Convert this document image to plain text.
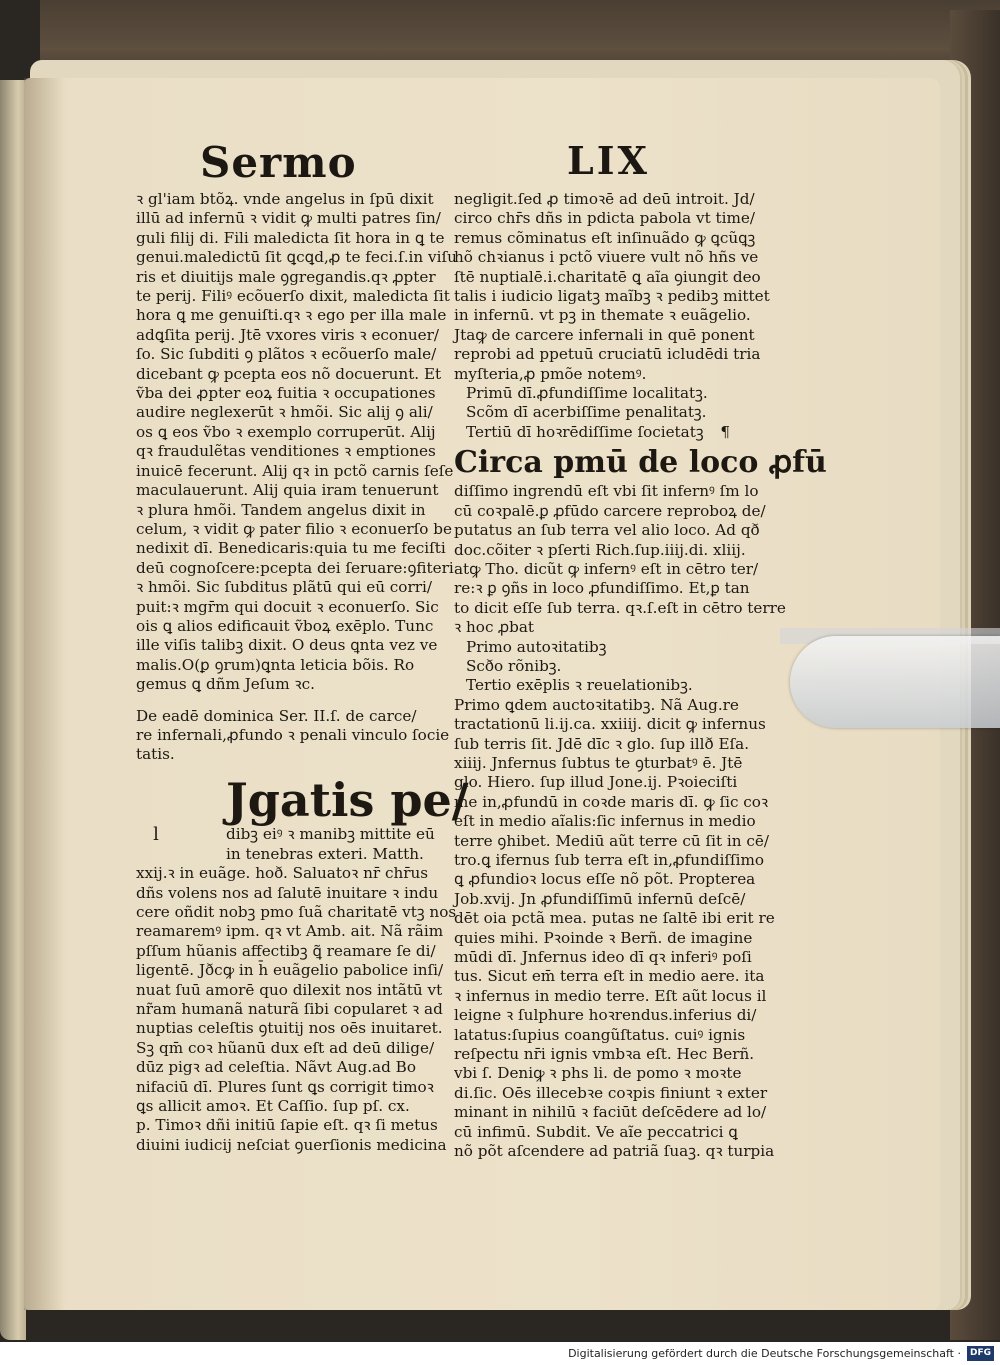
Sermo	LIX
ꝛ gl'iam btõꝝ. vnde angelus in ſpū dixit
illū ad infernū ꝛ vidit ꝙ multi patres ſin/
guli filij di. Fili maledicta ſit hora in ꝗ te
genui.maledictū ſit ꝗcꝗd,ꝓ te feci.ſ.in viſu
ris et diuitijs male ꝯgregandis.qꝛ ꝓpter
te perij. Filiꝰ ecõuerſo dixit, maledicta ſit
hora ꝗ me genuiſti.qꝛ ꝛ ego per illa male
adꝗſita perij. Jtē vxores viris ꝛ econuer/
ſo. Sic ſubditi ꝯ plãtos ꝛ ecõuerſo male/
dicebant ꝙ pcepta eos nõ docuerunt. Et
ṽba dei ꝓpter eoꝝ fuitia ꝛ occupationes
audire neglexerūt ꝛ hmõi. Sic alij ꝯ ali/
os ꝗ eos ṽbo ꝛ exemplo corruperūt. Alij
qꝛ fraudulẽtas venditiones ꝛ emptiones
inuicē fecerunt. Alij qꝛ in pctõ carnis ſeſe
maculauerunt. Alij quia iram tenuerunt
ꝛ plura hmõi. Tandem angelus dixit in
celum, ꝛ vidit ꝙ pater filio ꝛ econuerſo be
nedixit dī. Benedicaris:quia tu me feciſti
deū cognoſcere:pcepta dei ſeruare:ꝯfiteri
ꝛ hmõi. Sic ſubditus plãtū qui eū corri/
puit:ꝛ mgr̄m qui docuit ꝛ econuerſo. Sic
ois ꝗ alios edificauit ṽboꝝ exēplo. Tunc
ille viſis talibꝫ dixit. O deus ꝗnta vez ve
malis.O(ꝑ ꝯrum)ꝗnta leticia bõis. Ro
gemus ꝗ dñm Jeſum ꝛc.
De eadē dominica Ser. II.ſ. de carce/
re infernali,ꝓfundo ꝛ penali vinculo ſocie
tatis.
Jgatis pe/
l	dibꝫ eiꝰ ꝛ manibꝫ mittite eū
in tenebras exteri. Matth.
xxij.ꝛ in euãge. hoð. Saluatoꝛ nr̄ chr̄us
dñs volens nos ad ſalutē inuitare ꝛ indu
cere oñdit nobꝫ pmo ſuã charitatē vtꝫ nos
reamaremꝰ ipm. qꝛ vt Amb. ait. Nã rãim
pſſum hũanis affectibꝫ ꝗ̃ reamare ſe di/
ligentē. Jðcꝙ in h̄ euãgelio pabolice inſi/
nuat ſuū amorē quo dilexit nos intãtū vt
nr̃am humanã naturã ſibi copularet ꝛ ad
nuptias celeſtis ꝯtuitij nos oēs inuitaret.
Sꝫ qm̄ coꝛ hũanū dux eſt ad deū dilige/
dūz pigꝛ ad celeſtia. Nãvt Aug.ad Bo
nifaciū dī. Plures ſunt ꝗs corrigit timoꝛ
ꝗs allicit amoꝛ. Et Caſſio. ſup pſ. cx.
p. Timoꝛ dñi initiū ſapie eſt. qꝛ ſi metus
diuini iudicij neſciat ꝯuerſionis medicina
negligit.ſed ꝓ timoꝛē ad deū introit. Jd/
circo chr̄s dñs in pdicta pabola vt time/
remus cõminatus eſt inſinuãdo ꝙ ꝗcũꝗꝫ
hõ chꝛianus i pctõ viuere vult nõ hñs ve
ſtē nuptialē.i.charitatē ꝗ aĩa ꝯiungit deo
talis i iudicio ligatꝫ maĩbꝫ ꝛ pedibꝫ mittet
in infernū. vt pꝫ in themate ꝛ euãgelio.
Jtaꝙ de carcere infernali in quē ponent
reprobi ad ppetuū cruciatū icludēdi tria
myſteria,ꝓ pmõe notemꝰ.
Primū dī.ꝓfundiſſime localitatꝫ.
Scõm dī acerbiſſime penalitatꝫ.
Tertiū dī hoꝛrēdiſſime ſocietatꝫ ¶
Circa pmū de loco ꝓfū
diſſimo ingrendū eſt vbi ſit infernꝰ ſm lo
cū coꝛpalē.ꝑ ꝓfūdo carcere reproboꝝ de/
putatus an ſub terra vel alio loco. Ad qð
doc.cõiter ꝛ pſerti Rich.ſup.iiij.di. xliij.
atꝙ Tho. dicũt ꝙ infernꝰ eſt in cētro ter/
re:ꝛ ꝑ ꝯñs in loco ꝓfundiſſimo. Et,ꝑ tan
to dicit eſſe ſub terra. qꝛ.ſ.eſt in cētro terre
ꝛ hoc ꝓbat
Primo autoꝛitatibꝫ
Scðo rõnibꝫ.
Tertio exēplis ꝛ reuelationibꝫ.
Primo ꝗdem auctoꝛitatibꝫ. Nã Aug.re
tractationū li.ij.ca. xxiiij. dicit ꝙ infernus
ſub terris ſit. Jdē dīc ꝛ glo. ſup illð Eſa.
xiiij. Jnfernus ſubtus te ꝯturbatꝰ ē. Jtē
glo. Hiero. ſup illud Jone.ij. Pꝛoieciſti
me in,ꝓfundū in coꝛde maris dī. ꝙ ſic coꝛ
eſt in medio aĩalis:ſic infernus in medio
terre ꝯhibet. Mediū aũt terre cū ſit in cē/
tro.ꝗ ifernus ſub terra eſt in,ꝓfundiſſimo
ꝗ ꝓfundioꝛ locus eſſe nõ põt. Propterea
Job.xvij. Jn ꝓfundiſſimū infernū deſcē/
dēt oia pctã mea. putas ne ſaltē ibi erit re
quies mihi. Pꝛoinde ꝛ Berñ. de imagine
mūdi dī. Jnfernus ideo dī qꝛ inferiꝰ poſi
tus. Sicut em̄ terra eſt in medio aere. ita
ꝛ infernus in medio terre. Eſt aũt locus il
leigne ꝛ ſulphure hoꝛrendus.inferius di/
latatus:ſupius coangũſtatus. cuiꝰ ignis
reſpectu nr̄i ignis vmbꝛa eſt. Hec Berñ.
vbi ſ. Deniꝙ ꝛ phs li. de pomo ꝛ moꝛte
di.ſic. Oēs illecebꝛe coꝛpis finiunt ꝛ exter
minant in nihilū ꝛ faciūt deſcēdere ad lo/
cū infimū. Subdit. Ve aĩe peccatrici ꝗ
nõ põt aſcendere ad patriã ſuaꝫ. qꝛ turpia
Digitalisierung gefördert durch die Deutsche Forschungsgemeinschaft ·	DFG
